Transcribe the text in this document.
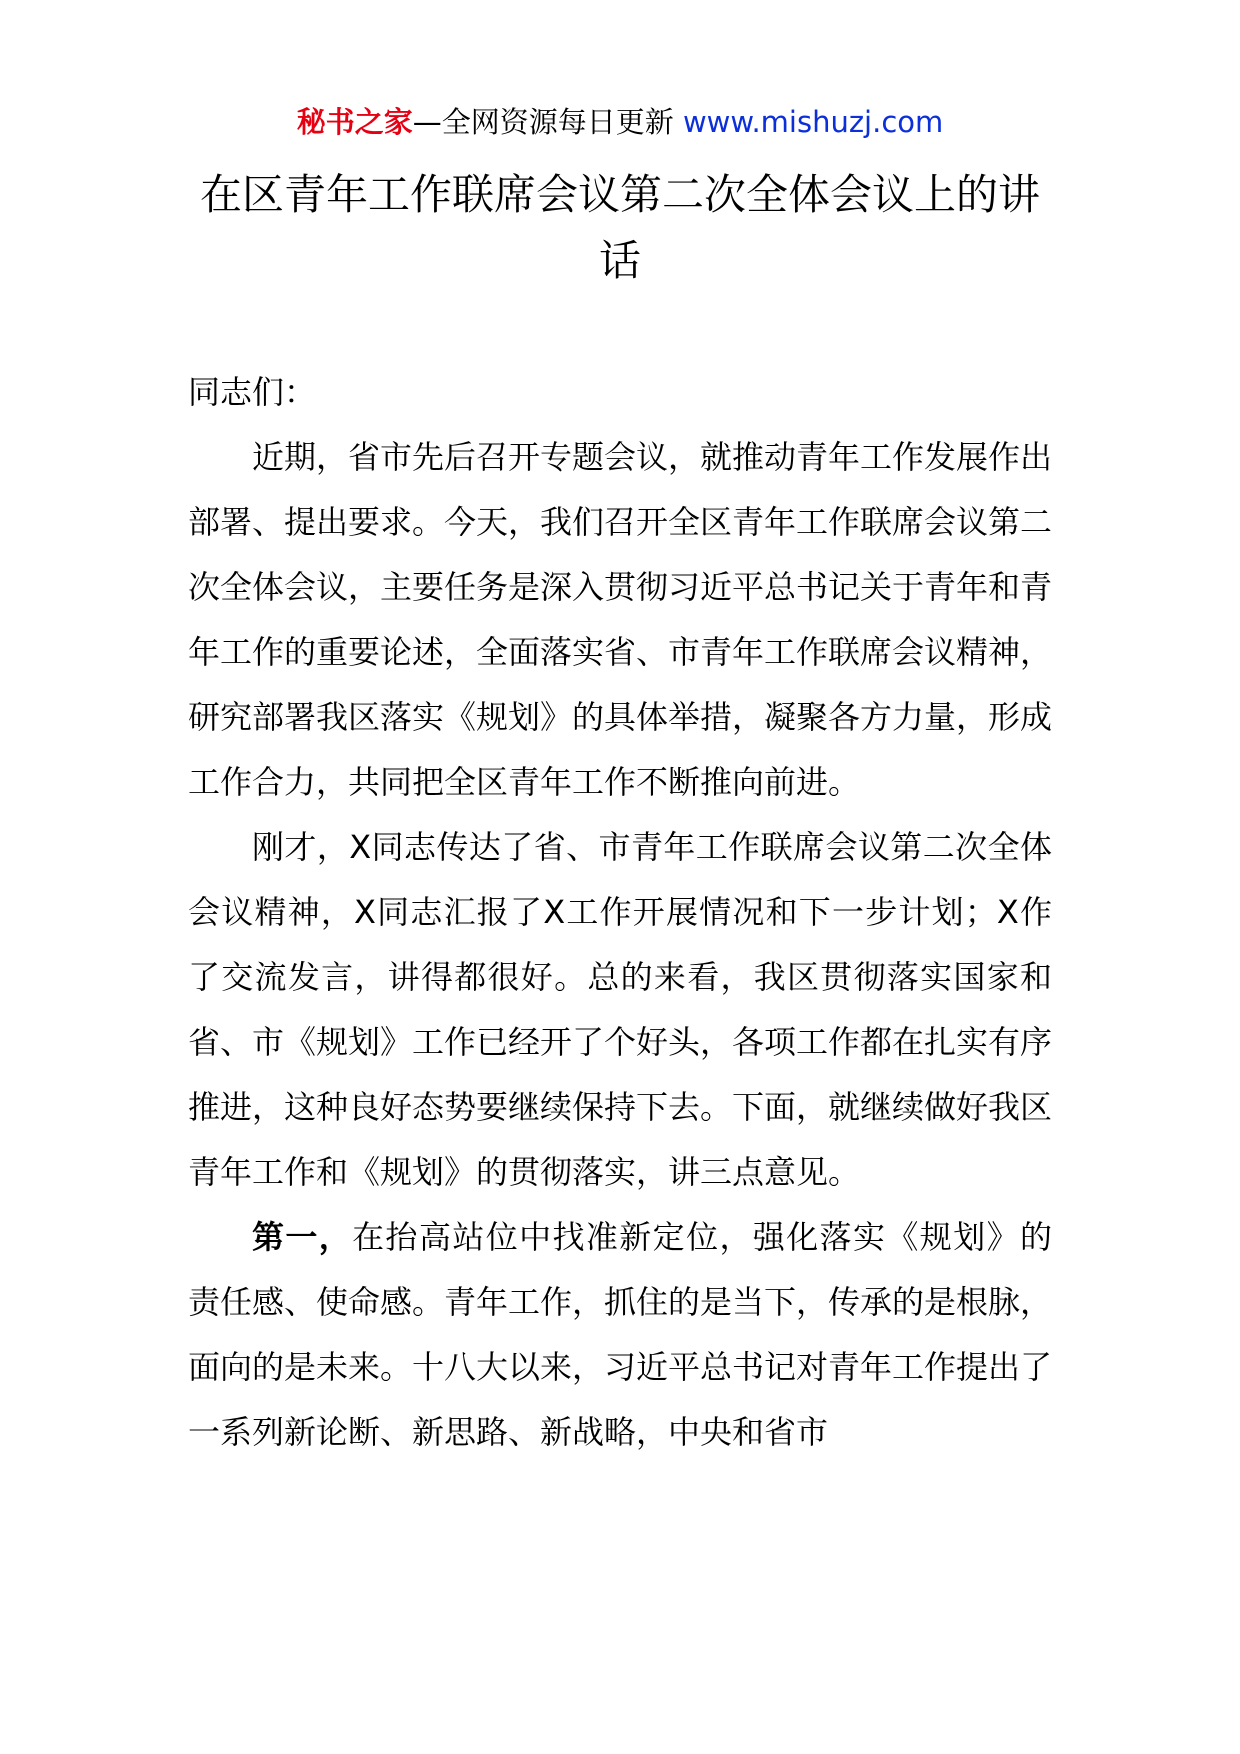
秘书之家—全网资源每日更新 www.mishuzj.com
在区青年工作联席会议第二次全体会议上的讲话

同志们：

近期，省市先后召开专题会议，就推动青年工作发展作出部署、提出要求。今天，我们召开全区青年工作联席会议第二次全体会议，主要任务是深入贯彻习近平总书记关于青年和青年工作的重要论述，全面落实省、市青年工作联席会议精神，研究部署我区落实《规划》的具体举措，凝聚各方力量，形成工作合力，共同把全区青年工作不断推向前进。

刚才，X同志传达了省、市青年工作联席会议第二次全体会议精神，X同志汇报了X工作开展情况和下一步计划；X作了交流发言，讲得都很好。总的来看，我区贯彻落实国家和省、市《规划》工作已经开了个好头，各项工作都在扎实有序推进，这种良好态势要继续保持下去。下面，就继续做好我区青年工作和《规划》的贯彻落实，讲三点意见。

第一，在抬高站位中找准新定位，强化落实《规划》的责任感、使命感。青年工作，抓住的是当下，传承的是根脉，面向的是未来。十八大以来，习近平总书记对青年工作提出了一系列新论断、新思路、新战略，中央和省市
